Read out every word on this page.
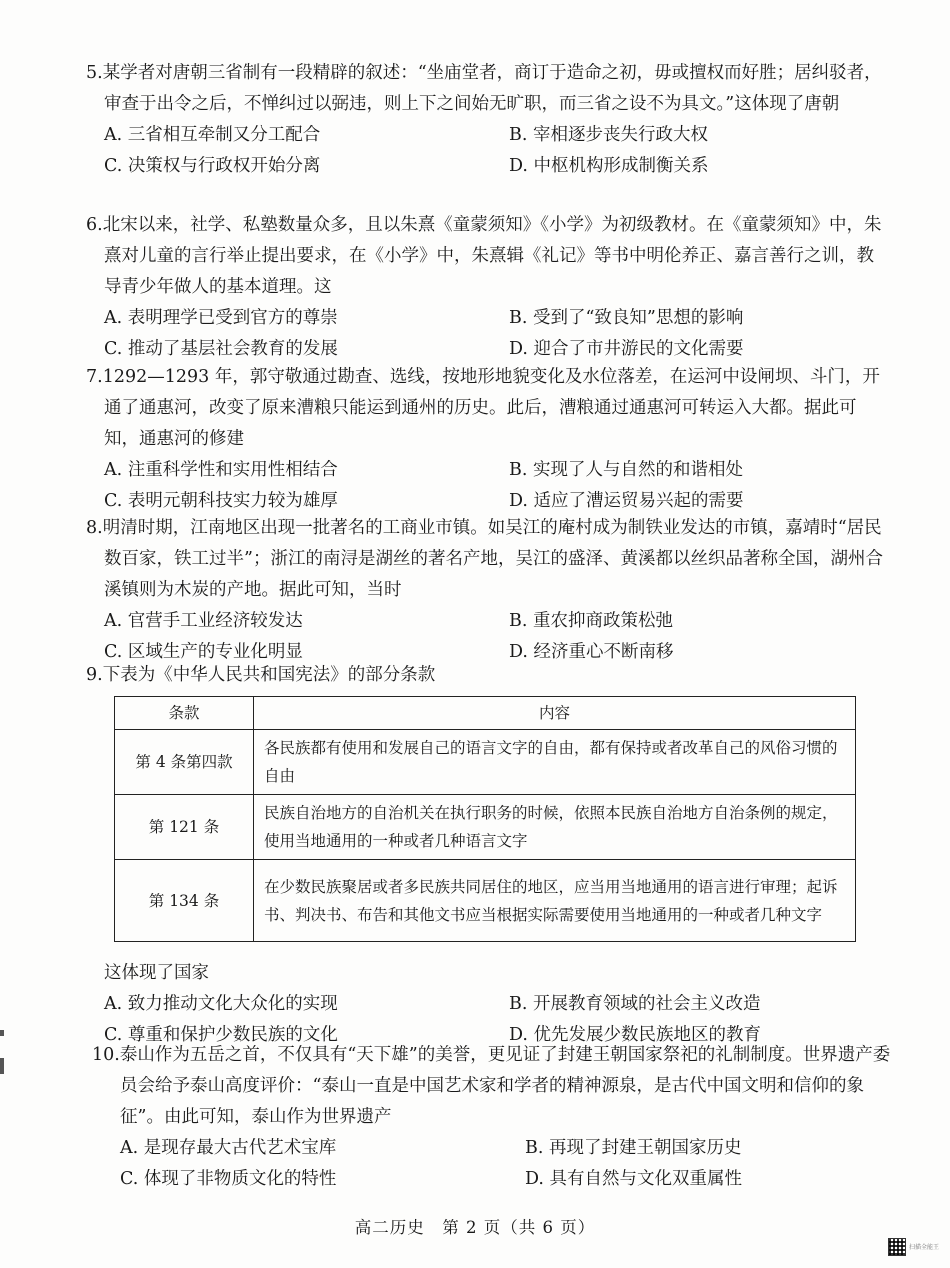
5.某学者对唐朝三省制有一段精辟的叙述：“坐庙堂者，商订于造命之初，毋或擅权而好胜；居纠驳者，审查于出令之后，不惮纠过以弼违，则上下之间始无旷职，而三省之设不为具文。”这体现了唐朝

A. 三省相互牵制又分工配合	B. 宰相逐步丧失行政大权
C. 决策权与行政权开始分离	D. 中枢机构形成制衡关系

6.北宋以来，社学、私塾数量众多，且以朱熹《童蒙须知》《小学》为初级教材。在《童蒙须知》中，朱熹对儿童的言行举止提出要求，在《小学》中，朱熹辑《礼记》等书中明伦养正、嘉言善行之训，教导青少年做人的基本道理。这

A. 表明理学已受到官方的尊崇	B. 受到了“致良知”思想的影响
C. 推动了基层社会教育的发展	D. 迎合了市井游民的文化需要

7.1292—1293 年，郭守敬通过勘查、选线，按地形地貌变化及水位落差，在运河中设闸坝、斗门，开通了通惠河，改变了原来漕粮只能运到通州的历史。此后，漕粮通过通惠河可转运入大都。据此可知，通惠河的修建

A. 注重科学性和实用性相结合	B. 实现了人与自然的和谐相处
C. 表明元朝科技实力较为雄厚	D. 适应了漕运贸易兴起的需要

8.明清时期，江南地区出现一批著名的工商业市镇。如吴江的庵村成为制铁业发达的市镇，嘉靖时“居民数百家，铁工过半”；浙江的南浔是湖丝的著名产地，吴江的盛泽、黄溪都以丝织品著称全国，湖州合溪镇则为木炭的产地。据此可知，当时

A. 官营手工业经济较发达	B. 重农抑商政策松弛
C. 区域生产的专业化明显	D. 经济重心不断南移

9.下表为《中华人民共和国宪法》的部分条款

条款	内容
第 4 条第四款	各民族都有使用和发展自己的语言文字的自由，都有保持或者改革自己的风俗习惯的自由
第 121 条	民族自治地方的自治机关在执行职务的时候，依照本民族自治地方自治条例的规定，使用当地通用的一种或者几种语言文字
第 134 条	在少数民族聚居或者多民族共同居住的地区，应当用当地通用的语言进行审理；起诉书、判决书、布告和其他文书应当根据实际需要使用当地通用的一种或者几种文字
这体现了国家
A. 致力推动文化大众化的实现	B. 开展教育领域的社会主义改造
C. 尊重和保护少数民族的文化	D. 优先发展少数民族地区的教育

10.泰山作为五岳之首，不仅具有“天下雄”的美誉，更见证了封建王朝国家祭祀的礼制制度。世界遗产委员会给予泰山高度评价：“泰山一直是中国艺术家和学者的精神源泉，是古代中国文明和信仰的象征”。由此可知，泰山作为世界遗产

A. 是现存最大古代艺术宝库	B. 再现了封建王朝国家历史
C. 体现了非物质文化的特性	D. 具有自然与文化双重属性
高二历史　第 2 页（共 6 页）
扫描全能王
